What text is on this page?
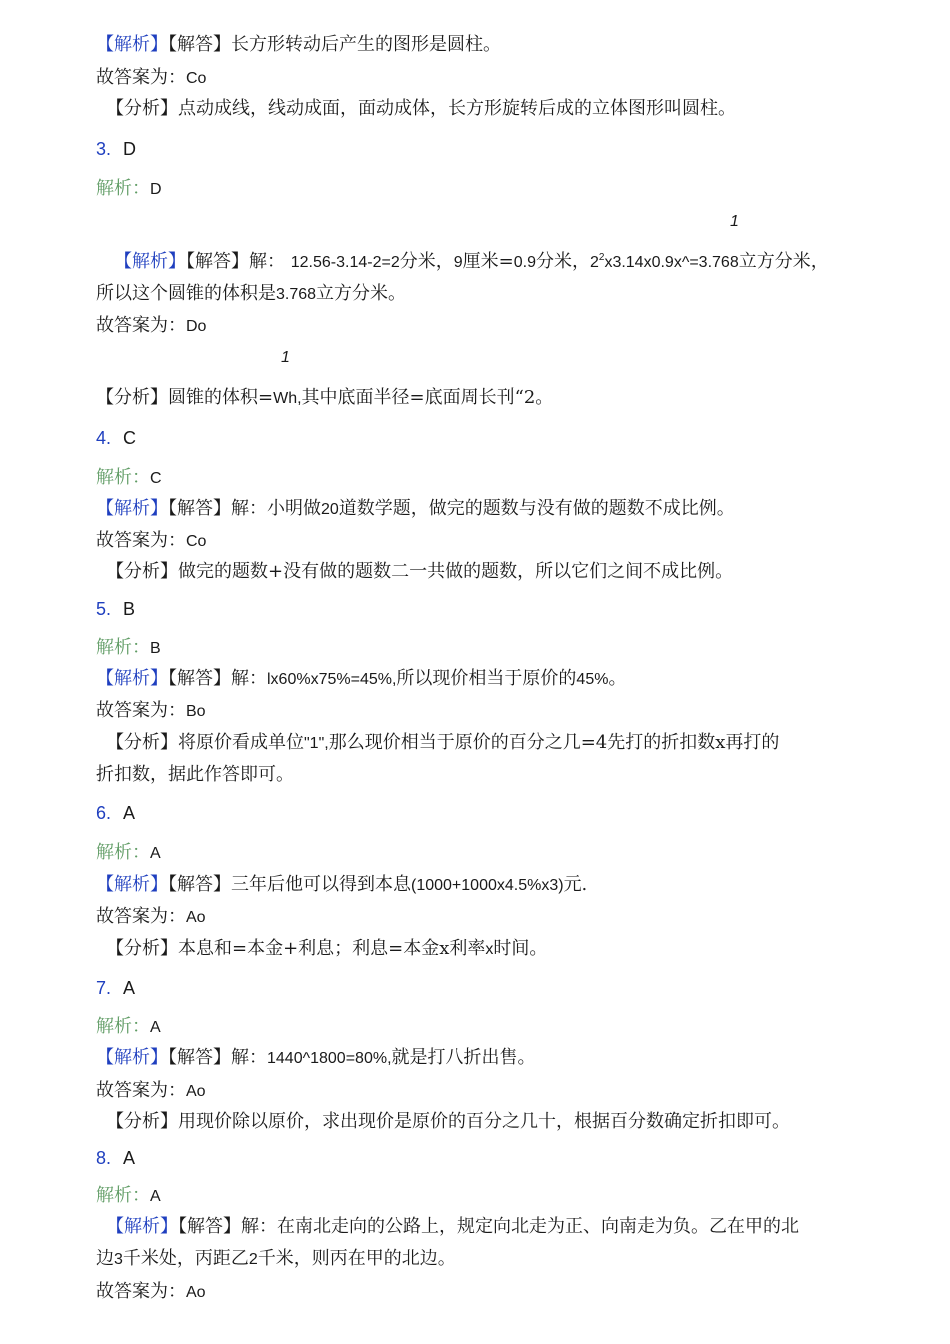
【解析】【解答】长方形转动后产生的图形是圆柱。
故答案为：Co
【分析】点动成线，线动成面，面动成体，长方形旋转后成的立体图形叫圆柱。
3. D
解析：D
1
【解析】【解答】解： 12.56-3.14-2=2分米，9厘米=0.9分米，$2^2x3.14x0.9x\^{}=3.768$立方分米，
所以这个圆锥的体积是3.768立方分米。
故答案为：Do
1
【分析】圆锥的体积=Wh,其中底面半径=底面周长刊“2。
4. C
解析：C
【解析】【解答】解：小明做20道数学题，做完的题数与没有做的题数不成比例。
故答案为：Co
【分析】做完的题数+没有做的题数二一共做的题数，所以它们之间不成比例。
5. B
解析：B
【解析】【解答】解：lx60%x75%=45%,所以现价相当于原价的45%。
故答案为：Bo
【分析】将原价看成单位"1",那么现价相当于原价的百分之几=4先打的折扣数x再打的
折扣数，据此作答即可。
6. A
解析：A
【解析】【解答】三年后他可以得到本息(1000+1000x4.5%x3)元.
故答案为：Ao
【分析】本息和=本金+利息；利息=本金x利率x时间。
7. A
解析：A
【解析】【解答】解：1440^1800=80%,就是打八折出售。
故答案为：Ao
【分析】用现价除以原价，求出现价是原价的百分之几十，根据百分数确定折扣即可。
8. A
解析：A
【解析】【解答】解：在南北走向的公路上，规定向北走为正、向南走为负。乙在甲的北
边3千米处，丙距乙2千米，则丙在甲的北边。
故答案为：Ao
